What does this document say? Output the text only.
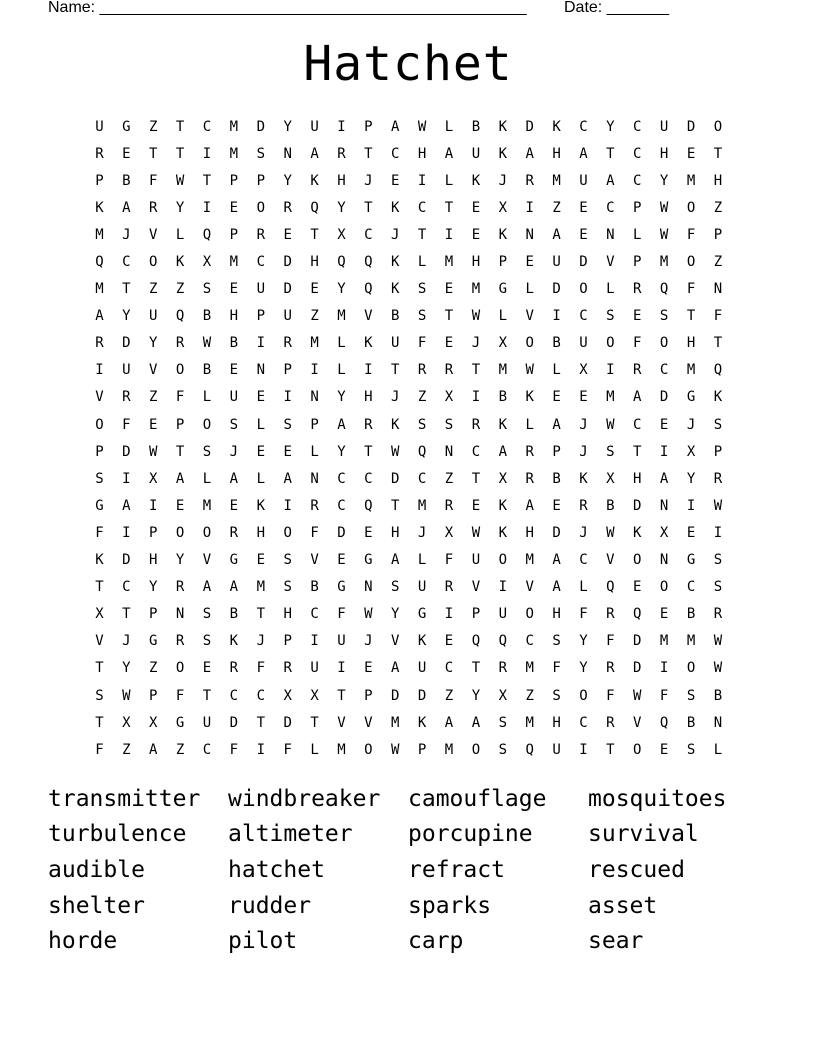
Name: ________________________________________________ Date: _______
Hatchet
U	G	Z	T	C	M	D	Y	U	I	P	A	W	L	B	K	D	K	C	Y	C	U	D	O
R	E	T	T	I	M	S	N	A	R	T	C	H	A	U	K	A	H	A	T	C	H	E	T
P	B	F	W	T	P	P	Y	K	H	J	E	I	L	K	J	R	M	U	A	C	Y	M	H
K	A	R	Y	I	E	O	R	Q	Y	T	K	C	T	E	X	I	Z	E	C	P	W	O	Z
M	J	V	L	Q	P	R	E	T	X	C	J	T	I	E	K	N	A	E	N	L	W	F	P
Q	C	O	K	X	M	C	D	H	Q	Q	K	L	M	H	P	E	U	D	V	P	M	O	Z
M	T	Z	Z	S	E	U	D	E	Y	Q	K	S	E	M	G	L	D	O	L	R	Q	F	N
A	Y	U	Q	B	H	P	U	Z	M	V	B	S	T	W	L	V	I	C	S	E	S	T	F
R	D	Y	R	W	B	I	R	M	L	K	U	F	E	J	X	O	B	U	O	F	O	H	T
I	U	V	O	B	E	N	P	I	L	I	T	R	R	T	M	W	L	X	I	R	C	M	Q
V	R	Z	F	L	U	E	I	N	Y	H	J	Z	X	I	B	K	E	E	M	A	D	G	K
O	F	E	P	O	S	L	S	P	A	R	K	S	S	R	K	L	A	J	W	C	E	J	S
P	D	W	T	S	J	E	E	L	Y	T	W	Q	N	C	A	R	P	J	S	T	I	X	P
S	I	X	A	L	A	L	A	N	C	C	D	C	Z	T	X	R	B	K	X	H	A	Y	R
G	A	I	E	M	E	K	I	R	C	Q	T	M	R	E	K	A	E	R	B	D	N	I	W
F	I	P	O	O	R	H	O	F	D	E	H	J	X	W	K	H	D	J	W	K	X	E	I
K	D	H	Y	V	G	E	S	V	E	G	A	L	F	U	O	M	A	C	V	O	N	G	S
T	C	Y	R	A	A	M	S	B	G	N	S	U	R	V	I	V	A	L	Q	E	O	C	S
X	T	P	N	S	B	T	H	C	F	W	Y	G	I	P	U	O	H	F	R	Q	E	B	R
V	J	G	R	S	K	J	P	I	U	J	V	K	E	Q	Q	C	S	Y	F	D	M	M	W
T	Y	Z	O	E	R	F	R	U	I	E	A	U	C	T	R	M	F	Y	R	D	I	O	W
S	W	P	F	T	C	C	X	X	T	P	D	D	Z	Y	X	Z	S	O	F	W	F	S	B
T	X	X	G	U	D	T	D	T	V	V	M	K	A	A	S	M	H	C	R	V	Q	B	N
F	Z	A	Z	C	F	I	F	L	M	O	W	P	M	O	S	Q	U	I	T	O	E	S	L
transmitter	windbreaker	camouflage	mosquitoes
turbulence	altimeter	porcupine	survival
audible	hatchet	refract	rescued
shelter	rudder	sparks	asset
horde	pilot	carp	sear
